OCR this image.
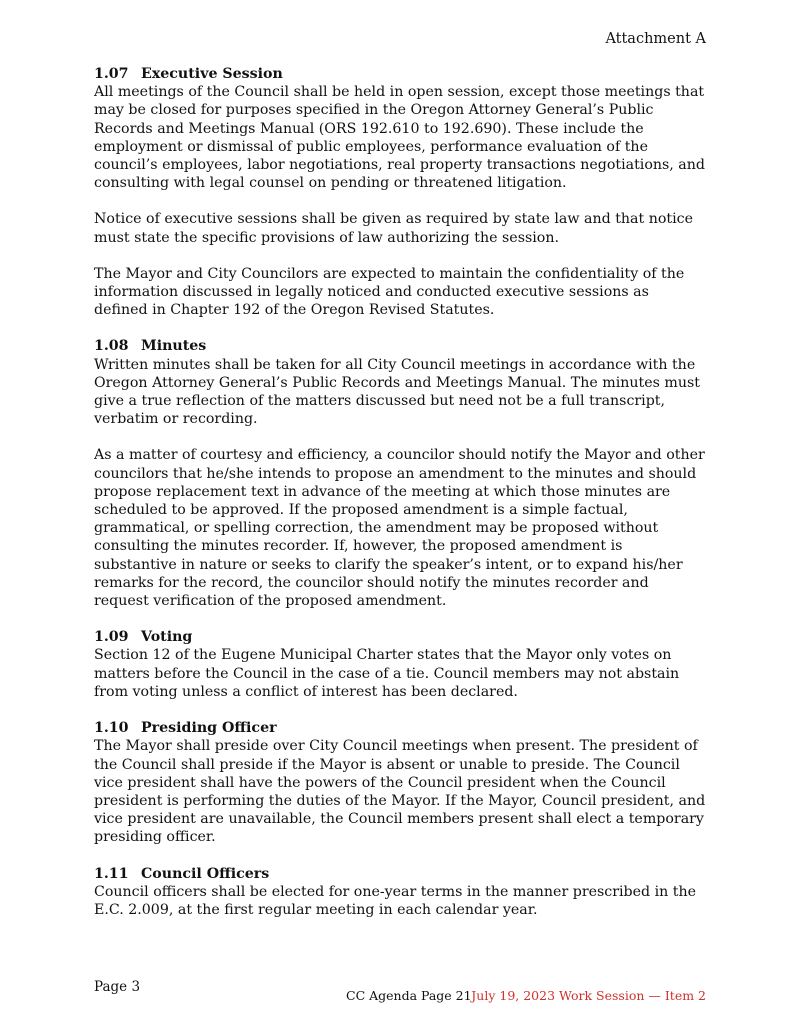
Attachment A

1.07 Executive Session

All meetings of the Council shall be held in open session, except those meetings that may be closed for purposes specified in the Oregon Attorney General’s Public Records and Meetings Manual (ORS 192.610 to 192.690). These include the employment or dismissal of public employees, performance evaluation of the council’s employees, labor negotiations, real property transactions negotiations, and consulting with legal counsel on pending or threatened litigation.

Notice of executive sessions shall be given as required by state law and that notice must state the specific provisions of law authorizing the session.

The Mayor and City Councilors are expected to maintain the confidentiality of the information discussed in legally noticed and conducted executive sessions as defined in Chapter 192 of the Oregon Revised Statutes.

1.08 Minutes

Written minutes shall be taken for all City Council meetings in accordance with the Oregon Attorney General’s Public Records and Meetings Manual. The minutes must give a true reflection of the matters discussed but need not be a full transcript, verbatim or recording.

As a matter of courtesy and efficiency, a councilor should notify the Mayor and other councilors that he/she intends to propose an amendment to the minutes and should propose replacement text in advance of the meeting at which those minutes are scheduled to be approved. If the proposed amendment is a simple factual, grammatical, or spelling correction, the amendment may be proposed without consulting the minutes recorder. If, however, the proposed amendment is substantive in nature or seeks to clarify the speaker’s intent, or to expand his/her remarks for the record, the councilor should notify the minutes recorder and request verification of the proposed amendment.

1.09 Voting

Section 12 of the Eugene Municipal Charter states that the Mayor only votes on matters before the Council in the case of a tie. Council members may not abstain from voting unless a conflict of interest has been declared.

1.10 Presiding Officer

The Mayor shall preside over City Council meetings when present. The president of the Council shall preside if the Mayor is absent or unable to preside. The Council vice president shall have the powers of the Council president when the Council president is performing the duties of the Mayor. If the Mayor, Council president, and vice president are unavailable, the Council members present shall elect a temporary presiding officer.

1.11 Council Officers

Council officers shall be elected for one-year terms in the manner prescribed in the E.C. 2.009, at the first regular meeting in each calendar year.

Page 3
CC Agenda Page 21 July 19, 2023 Work Session — Item 2
